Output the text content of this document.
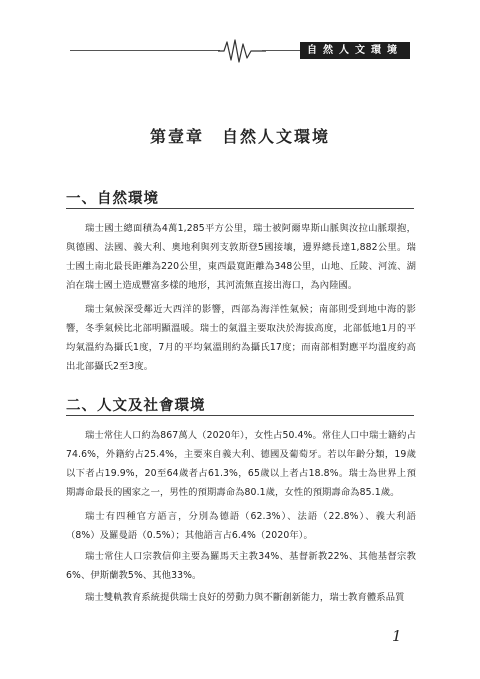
自然人文環境
第壹章　自然人文環境
一、自然環境
瑞士國土總面積為4萬1,285平方公里，瑞士被阿爾卑斯山脈與汝拉山脈環抱，與德國、法國、義大利、奧地利與列支敦斯登5國接壤，邊界總長達1,882公里。瑞士國土南北最長距離為220公里，東西最寬距離為348公里，山地、丘陵、河流、湖泊在瑞士國土造成豐富多樣的地形，其河流無直接出海口，為內陸國。
瑞士氣候深受鄰近大西洋的影響，西部為海洋性氣候；南部則受到地中海的影響，冬季氣候比北部明顯溫暖。瑞士的氣溫主要取決於海拔高度，北部低地1月的平均氣溫約為攝氏1度，7月的平均氣溫則約為攝氏17度；而南部相對應平均溫度約高出北部攝氏2至3度。
二、人文及社會環境
瑞士常住人口約為867萬人（2020年），女性占50.4%。常住人口中瑞士籍約占74.6%，外籍約占25.4%，主要來自義大利、德國及葡萄牙。若以年齡分類，19歲以下者占19.9%，20至64歲者占61.3%，65歲以上者占18.8%。瑞士為世界上預期壽命最長的國家之一，男性的預期壽命為80.1歲，女性的預期壽命為85.1歲。
瑞士有四種官方語言，分別為德語（62.3%）、法語（22.8%）、義大利語（8%）及羅曼語（0.5%）；其他語言占6.4%（2020年）。
瑞士常住人口宗教信仰主要為羅馬天主教34%、基督新教22%、其他基督宗教6%、伊斯蘭教5%、其他33%。
瑞士雙軌教育系統提供瑞士良好的勞動力與不斷創新能力，瑞士教育體系品質
1
